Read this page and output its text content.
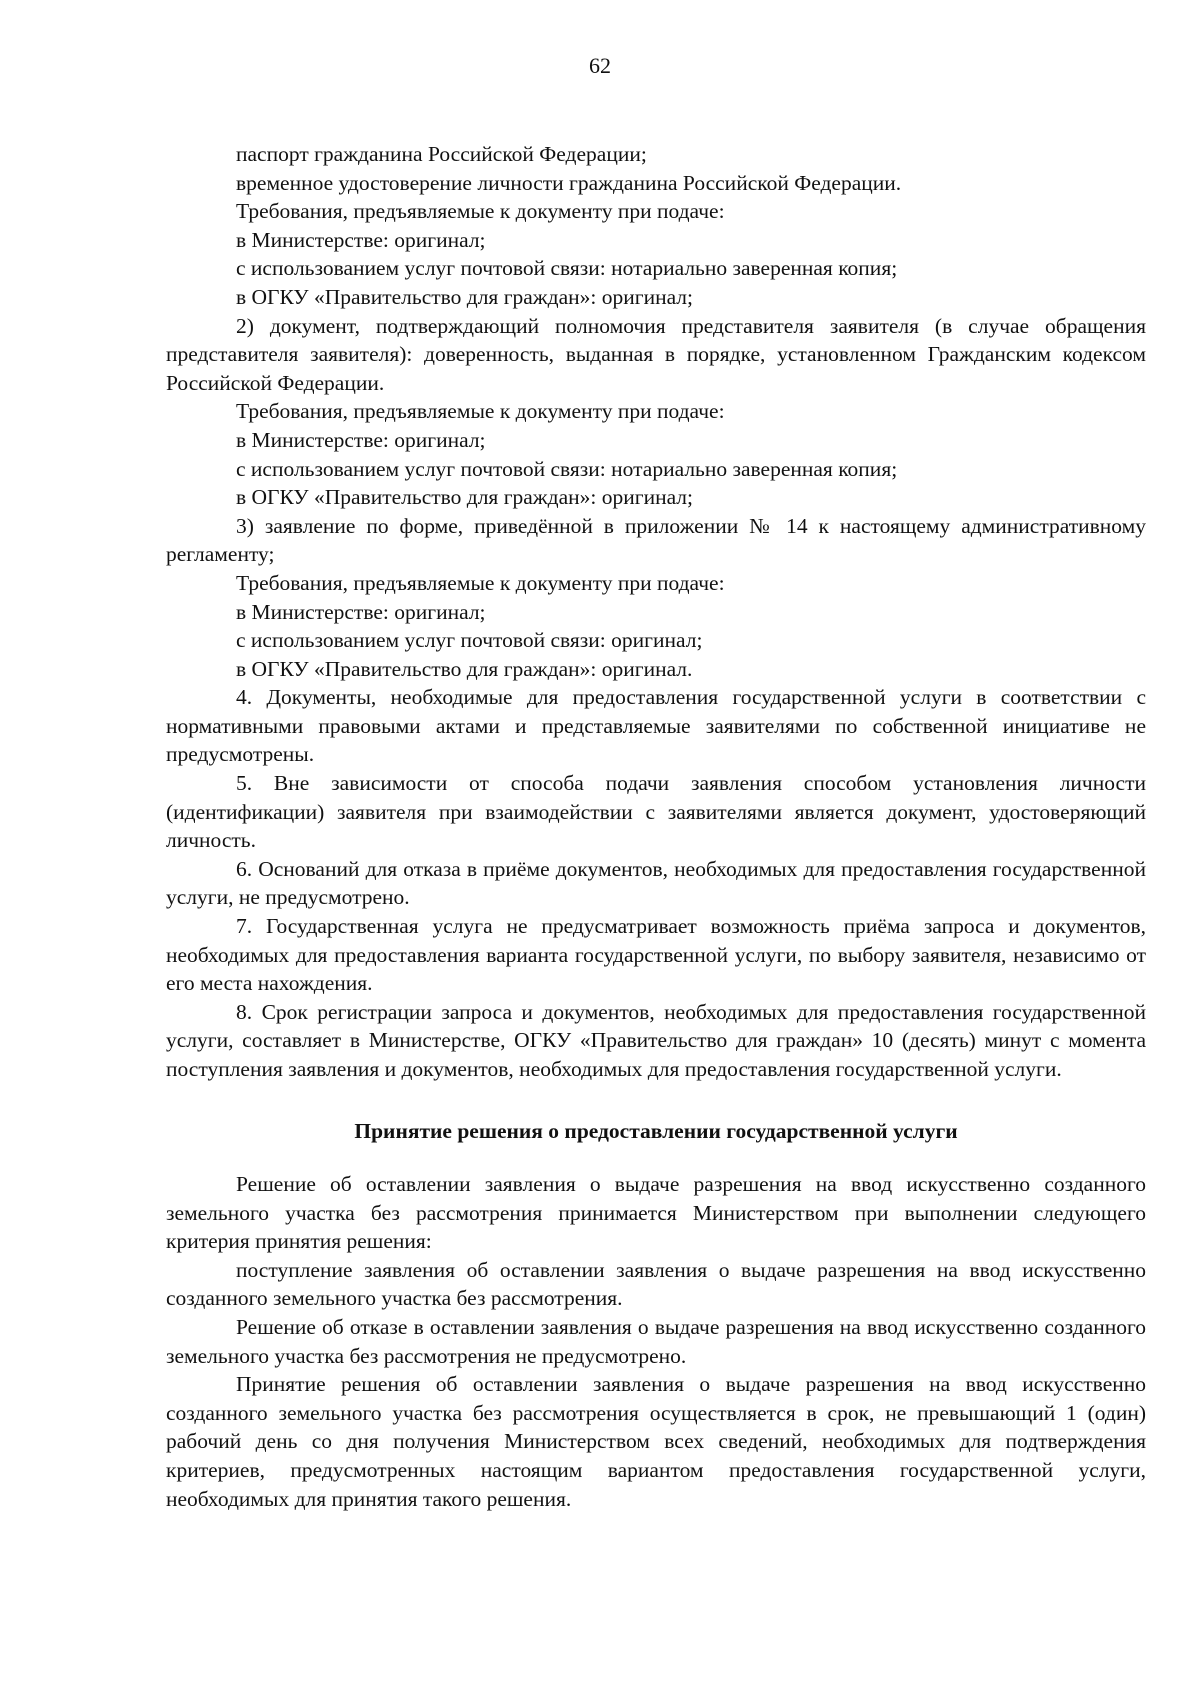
62

паспорт гражданина Российской Федерации;

временное удостоверение личности гражданина Российской Федерации.

Требования, предъявляемые к документу при подаче:

в Министерстве: оригинал;

с использованием услуг почтовой связи: нотариально заверенная копия;

в ОГКУ «Правительство для граждан»: оригинал;

2) документ, подтверждающий полномочия представителя заявителя (в случае обращения представителя заявителя): доверенность, выданная в порядке, установленном Гражданским кодексом Российской Федерации.

Требования, предъявляемые к документу при подаче:

в Министерстве: оригинал;

с использованием услуг почтовой связи: нотариально заверенная копия;

в ОГКУ «Правительство для граждан»: оригинал;

3) заявление по форме, приведённой в приложении № 14 к настоящему административному регламенту;

Требования, предъявляемые к документу при подаче:

в Министерстве: оригинал;

с использованием услуг почтовой связи: оригинал;

в ОГКУ «Правительство для граждан»: оригинал.

4. Документы, необходимые для предоставления государственной услуги в соответствии с нормативными правовыми актами и представляемые заявителями по собственной инициативе не предусмотрены.

5. Вне зависимости от способа подачи заявления способом установления личности (идентификации) заявителя при взаимодействии с заявителями является документ, удостоверяющий личность.

6. Оснований для отказа в приёме документов, необходимых для предоставления государственной услуги, не предусмотрено.

7. Государственная услуга не предусматривает возможность приёма запроса и документов, необходимых для предоставления варианта государственной услуги, по выбору заявителя, независимо от его места нахождения.

8. Срок регистрации запроса и документов, необходимых для предоставления государственной услуги, составляет в Министерстве, ОГКУ «Правительство для граждан» 10 (десять) минут с момента поступления заявления и документов, необходимых для предоставления государственной услуги.

Принятие решения о предоставлении государственной услуги

Решение об оставлении заявления о выдаче разрешения на ввод искусственно созданного земельного участка без рассмотрения принимается Министерством при выполнении следующего критерия принятия решения:

поступление заявления об оставлении заявления о выдаче разрешения на ввод искусственно созданного земельного участка без рассмотрения.

Решение об отказе в оставлении заявления о выдаче разрешения на ввод искусственно созданного земельного участка без рассмотрения не предусмотрено.

Принятие решения об оставлении заявления о выдаче разрешения на ввод искусственно созданного земельного участка без рассмотрения осуществляется в срок, не превышающий 1 (один) рабочий день со дня получения Министерством всех сведений, необходимых для подтверждения критериев, предусмотренных настоящим вариантом предоставления государственной услуги, необходимых для принятия такого решения.
